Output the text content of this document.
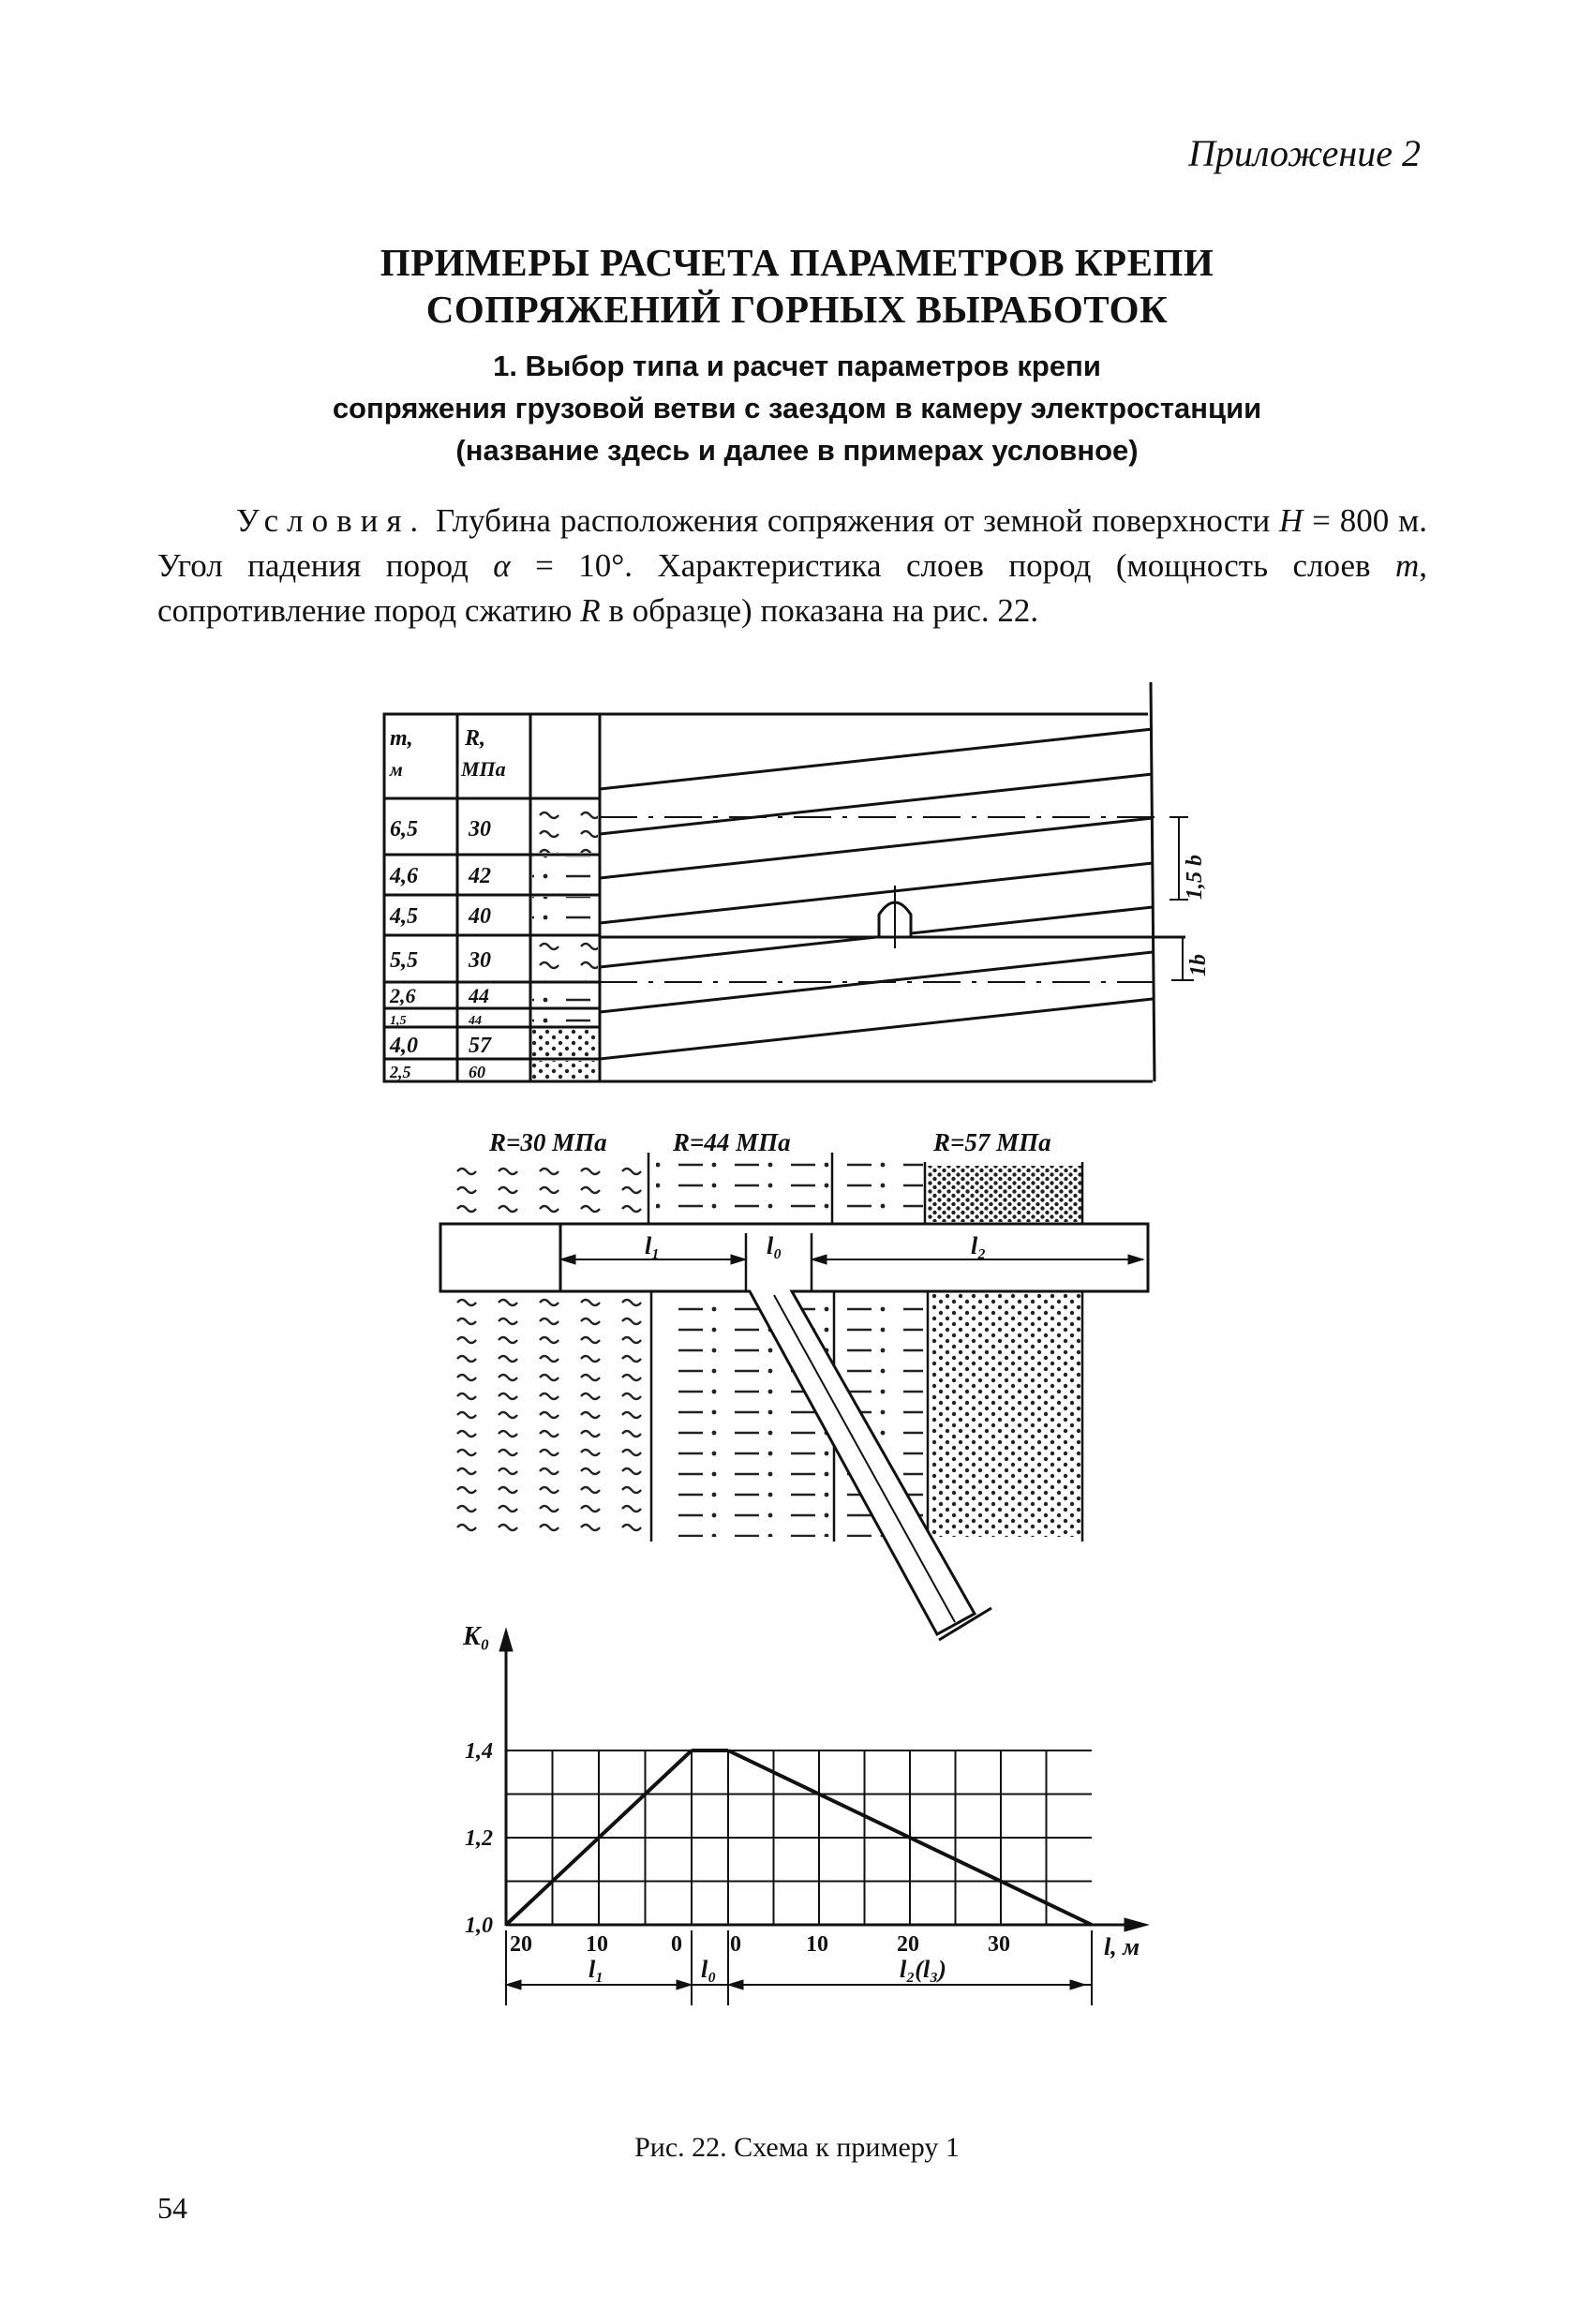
Приложение 2
ПРИМЕРЫ РАСЧЕТА ПАРАМЕТРОВ КРЕПИ
СОПРЯЖЕНИЙ ГОРНЫХ ВЫРАБОТОК
1. Выбор типа и расчет параметров крепи
сопряжения грузовой ветви с заездом в камеру электростанции
(название здесь и далее в примерах условное)
Условия. Глубина расположения сопряжения от земной поверхности H = 800 м. Угол падения пород α = 10°. Характеристика слоев пород (мощность слоев m, сопротивление пород сжатию R в образце) показана на рис. 22.
m,
м
R,
МПа
6,5 30
4,6 42
4,5 40
5,5 30
2,6	44
1,5	44
4,0 57
2,5	60
1,5 b
1b
R=30 МПа	R=44 МПа	R=57 МПа
l₁	l₀	l₂
K₀
l, м
1,0
1,2
1,4
20 10	0 0	10	20	30
l₁	l₀	l₂(l₃)
Рис. 22. Схема к примеру 1
54
